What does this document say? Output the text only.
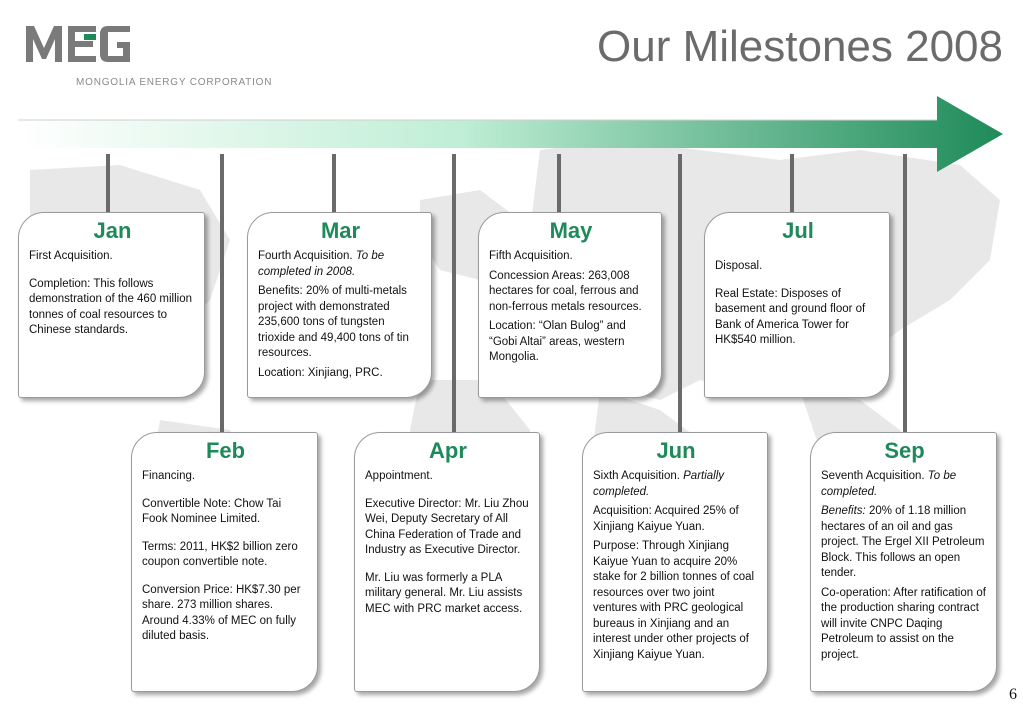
MONGOLIA ENERGY CORPORATION
Our Milestones 2008
Jan

First Acquisition.

Completion: This follows demonstration of the 460 million tonnes of coal resources to Chinese standards.

Mar

Fourth Acquisition. To be completed in 2008.

Benefits: 20% of multi-metals project with demonstrated 235,600 tons of tungsten trioxide and 49,400 tons of tin resources.

Location: Xinjiang, PRC.

May

Fifth Acquisition.

Concession Areas: 263,008 hectares for coal, ferrous and non-ferrous metals resources.

Location: “Olan Bulog” and “Gobi Altai” areas, western Mongolia.

Jul

Disposal.

Real Estate: Disposes of basement and ground floor of Bank of America Tower for HK$540 million.

Feb

Financing.

Convertible Note: Chow Tai Fook Nominee Limited.

Terms: 2011, HK$2 billion zero coupon convertible note.

Conversion Price: HK$7.30 per share. 273 million shares. Around 4.33% of MEC on fully diluted basis.

Apr

Appointment.

Executive Director: Mr. Liu Zhou Wei, Deputy Secretary of All China Federation of Trade and Industry as Executive Director.

Mr. Liu was formerly a PLA military general. Mr. Liu assists MEC with PRC market access.

Jun

Sixth Acquisition. Partially completed.

Acquisition: Acquired 25% of Xinjiang Kaiyue Yuan.

Purpose: Through Xinjiang Kaiyue Yuan to acquire 20% stake for 2 billion tonnes of coal resources over two joint ventures with PRC geological bureaus in Xinjiang and an interest under other projects of Xinjiang Kaiyue Yuan.

Sep

Seventh Acquisition. To be completed.

Benefits: 20% of 1.18 million hectares of an oil and gas project. The Ergel XII Petroleum Block. This follows an open tender.

Co-operation: After ratification of the production sharing contract will invite CNPC Daqing Petroleum to assist on the project.

6
